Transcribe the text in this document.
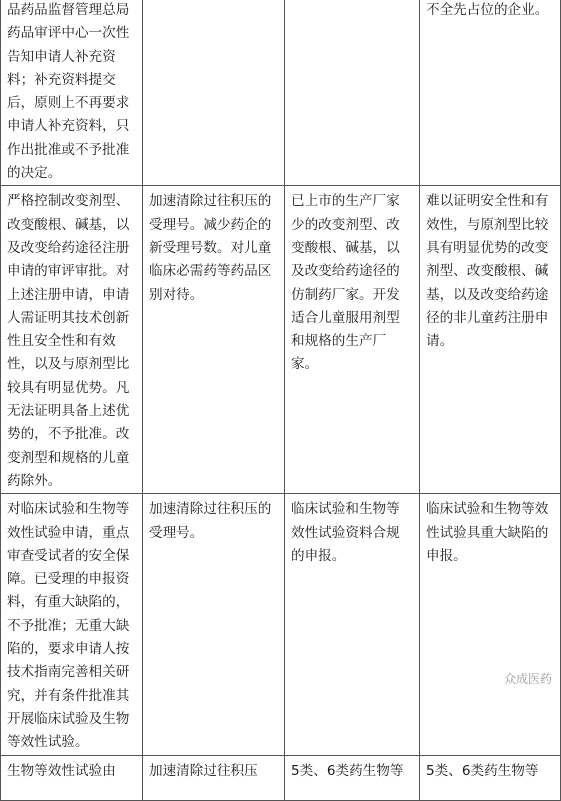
品药品监督管理总局药品审评中心一次性告知申请人补充资料；补充资料提交后，原则上不再要求申请人补充资料，只作出批准或不予批准的决定。			不全先占位的企业。
严格控制改变剂型、改变酸根、碱基，以及改变给药途径注册申请的审评审批。对上述注册申请，申请人需证明其技术创新性且安全性和有效性，以及与原剂型比较具有明显优势。凡无法证明具备上述优势的，不予批准。改变剂型和规格的儿童药除外。	加速清除过往积压的受理号。减少药企的新受理号数。对儿童临床必需药等药品区别对待。	已上市的生产厂家少的改变剂型、改变酸根、碱基，以及改变给药途径的仿制药厂家。开发适合儿童服用剂型和规格的生产厂家。	难以证明安全性和有效性，与原剂型比较具有明显优势的改变剂型、改变酸根、碱基，以及改变给药途径的非儿童药注册申请。
对临床试验和生物等效性试验申请，重点审查受试者的安全保障。已受理的申报资料，有重大缺陷的，不予批准；无重大缺陷的，要求申请人按技术指南完善相关研究，并有条件批准其开展临床试验及生物等效性试验。	加速清除过往积压的受理号。	临床试验和生物等效性试验资料合规的申报。	临床试验和生物等效性试验具重大缺陷的申报。
生物等效性试验由	加速清除过往积压	5类、6类药生物等	5类、6类药生物等
众成医药
